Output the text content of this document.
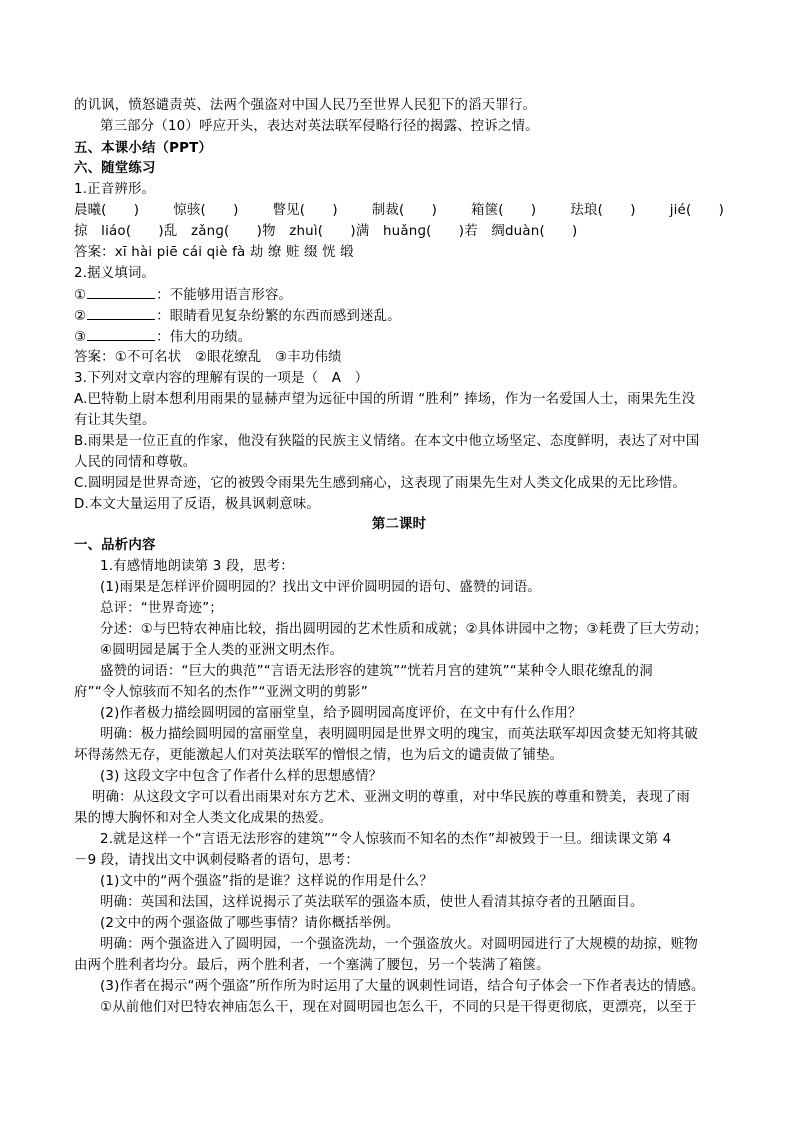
的讥讽，愤怒谴责英、法两个强盗对中国人民乃至世界人民犯下的滔天罪行。
第三部分（10）呼应开头，表达对英法联军侵略行径的揭露、控诉之情。
五、本课小结（PPT）
六、随堂练习
1.正音辨形。
晨曦(　　)	惊骇(　　)	瞥见(　　)	制裁(　　)	箱箧(　　)	珐琅(　　)	jié(　　)
掠　liáo(　　)乱　zǎnɡ(　　)物　zhuì(　　)满　huǎnɡ(　　)若　绸duàn(　　)
答案：xī hài piē cái qiè fà 劫 缭 赃 缀 恍 缎
2.据义填词。
①	：不能够用语言形容。
②	：眼睛看见复杂纷繁的东西而感到迷乱。
③	：伟大的功绩。
答案：①不可名状　②眼花缭乱　③丰功伟绩
3.下列对文章内容的理解有误的一项是（　A　）
A.巴特勒上尉本想利用雨果的显赫声望为远征中国的所谓 “胜利” 捧场，作为一名爱国人士，雨果先生没
有让其失望。
B.雨果是一位正直的作家，他没有狭隘的民族主义情绪。在本文中他立场坚定、态度鲜明，表达了对中国
人民的同情和尊敬。
C.圆明园是世界奇迹，它的被毁令雨果先生感到痛心，这表现了雨果先生对人类文化成果的无比珍惜。
D.本文大量运用了反语，极具讽刺意味。
第二课时
一、品析内容
1.有感情地朗读第 3 段，思考：
(1)雨果是怎样评价圆明园的？找出文中评价圆明园的语句、盛赞的词语。
总评：“世界奇迹”；
分述：①与巴特农神庙比较，指出圆明园的艺术性质和成就；②具体讲园中之物；③耗费了巨大劳动；
④圆明园是属于全人类的亚洲文明杰作。
盛赞的词语：“巨大的典范”“言语无法形容的建筑”“恍若月宫的建筑”“某种令人眼花缭乱的洞
府”“令人惊骇而不知名的杰作”“亚洲文明的剪影”
(2)作者极力描绘圆明园的富丽堂皇，给予圆明园高度评价，在文中有什么作用？
明确：极力描绘圆明园的富丽堂皇，表明圆明园是世界文明的瑰宝，而英法联军却因贪婪无知将其破
坏得荡然无存，更能激起人们对英法联军的憎恨之情，也为后文的谴责做了铺垫。
(3) 这段文字中包含了作者什么样的思想感情？
明确：从这段文字可以看出雨果对东方艺术、亚洲文明的尊重，对中华民族的尊重和赞美，表现了雨
果的博大胸怀和对全人类文化成果的热爱。
2.就是这样一个“言语无法形容的建筑”“令人惊骇而不知名的杰作”却被毁于一旦。细读课文第 4
－9 段，请找出文中讽刺侵略者的语句，思考：
(1)文中的“两个强盗”指的是谁？这样说的作用是什么？
明确：英国和法国，这样说揭示了英法联军的强盗本质，使世人看清其掠夺者的丑陋面目。
(2文中的两个强盗做了哪些事情？请你概括举例。
明确：两个强盗进入了圆明园，一个强盗洗劫，一个强盗放火。对圆明园进行了大规模的劫掠，赃物
由两个胜利者均分。最后，两个胜利者，一个塞满了腰包，另一个装满了箱箧。
(3)作者在揭示“两个强盗”所作所为时运用了大量的讽刺性词语，结合句子体会一下作者表达的情感。
①从前他们对巴特农神庙怎么干，现在对圆明园也怎么干，不同的只是干得更彻底，更漂亮，以至于
